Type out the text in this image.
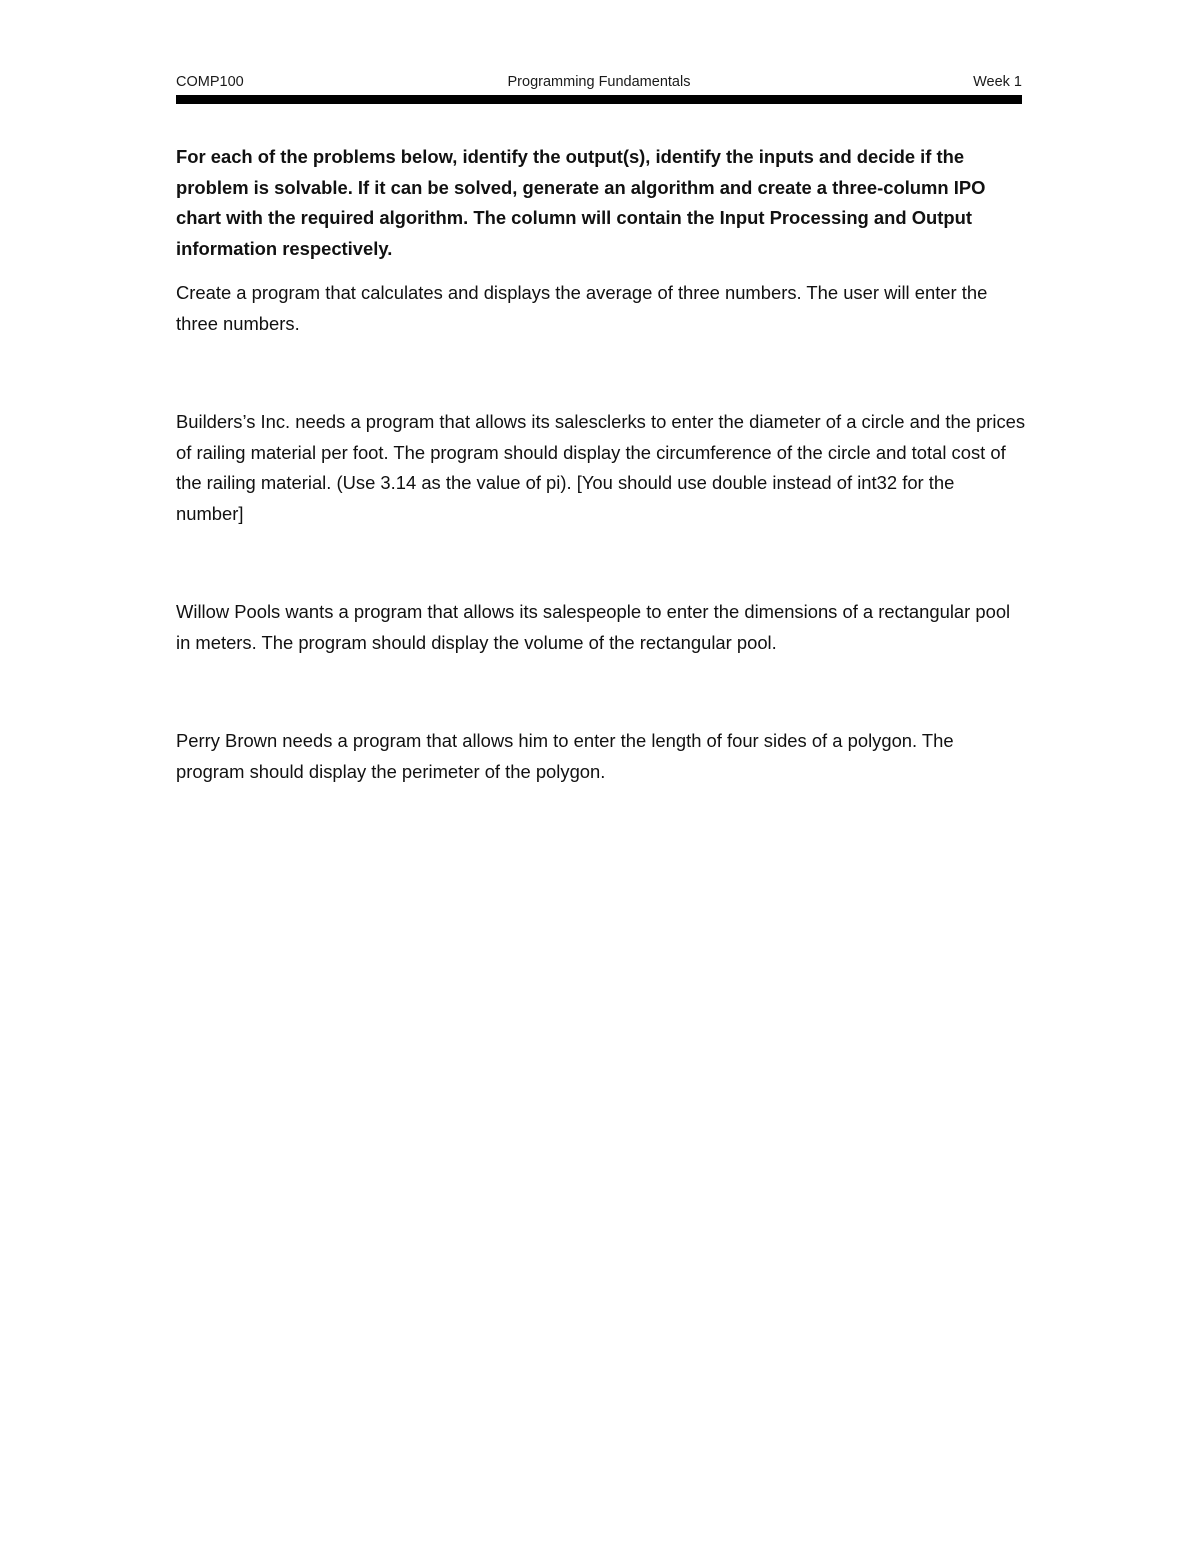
COMP100	Programming Fundamentals	Week 1

For each of the problems below, identify the output(s), identify the inputs and decide if the problem is solvable. If it can be solved, generate an algorithm and create a three-column IPO chart with the required algorithm. The column will contain the Input Processing and Output information respectively.

Create a program that calculates and displays the average of three numbers. The user will enter the three numbers.

Builders’s Inc. needs a program that allows its salesclerks to enter the diameter of a circle and the prices of railing material per foot. The program should display the circumference of the circle and total cost of the railing material. (Use 3.14 as the value of pi). [You should use double instead of int32 for the number]

Willow Pools wants a program that allows its salespeople to enter the dimensions of a rectangular pool in meters. The program should display the volume of the rectangular pool.

Perry Brown needs a program that allows him to enter the length of four sides of a polygon. The program should display the perimeter of the polygon.
